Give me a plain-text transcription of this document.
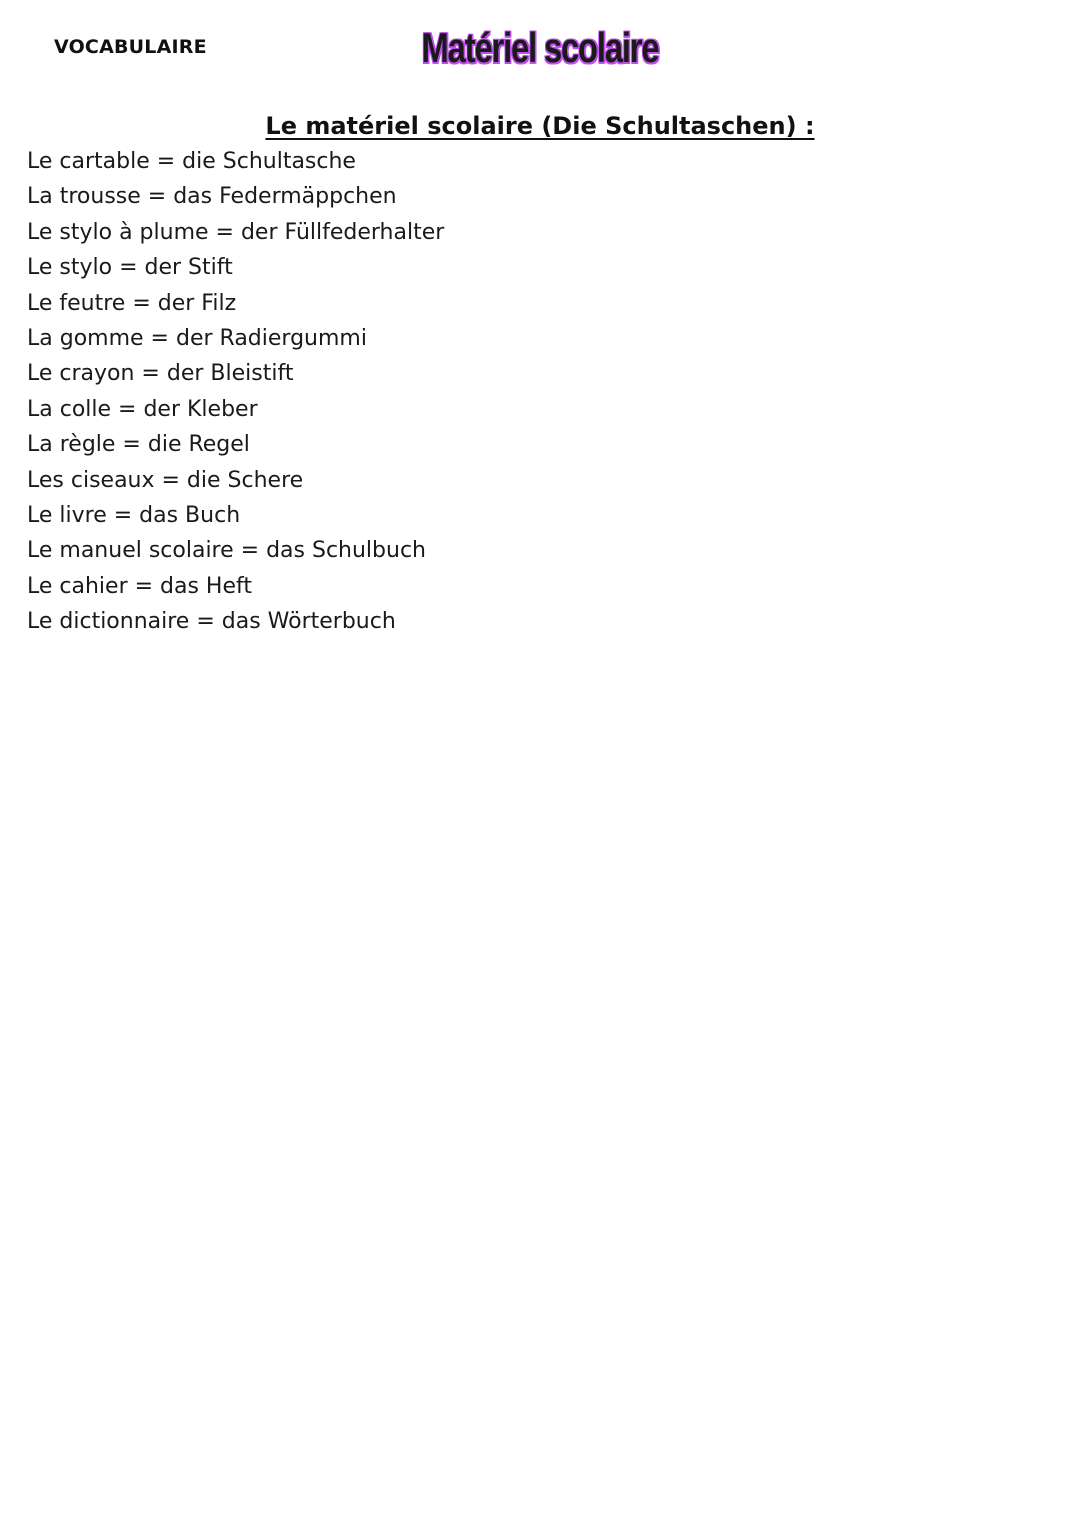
VOCABULAIRE	Matériel scolaire
Le matériel scolaire (Die Schultaschen) :
Le cartable = die Schultasche
La trousse = das Federmäppchen
Le stylo à plume = der Füllfederhalter
Le stylo = der Stift
Le feutre = der Filz
La gomme = der Radiergummi
Le crayon = der Bleistift
La colle = der Kleber
La règle = die Regel
Les ciseaux = die Schere
Le livre = das Buch
Le manuel scolaire = das Schulbuch
Le cahier = das Heft
Le dictionnaire = das Wörterbuch
